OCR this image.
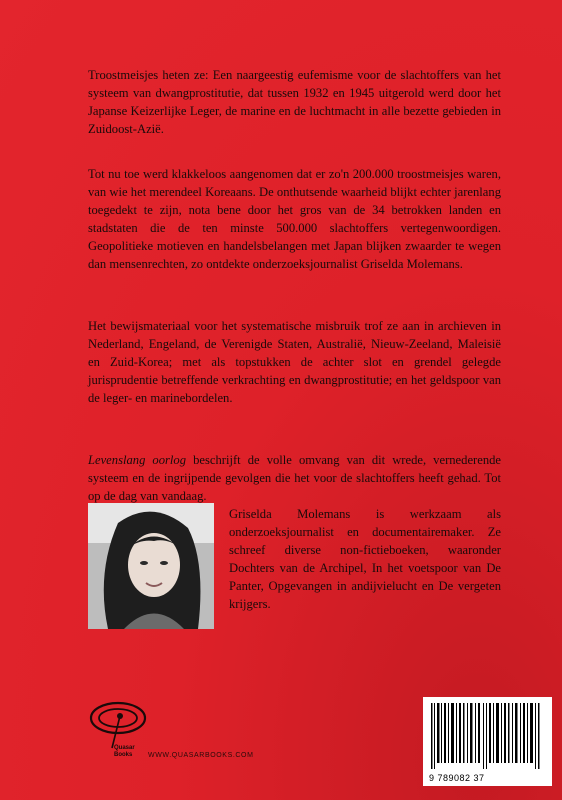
Troostmeisjes heten ze: Een naargeestig eufemisme voor de slachtoffers van het systeem van dwangprostitutie, dat tussen 1932 en 1945 uitgerold werd door het Japanse Keizerlijke Leger, de marine en de luchtmacht in alle bezette gebieden in Zuidoost-Azië.

Tot nu toe werd klakkeloos aangenomen dat er zo'n 200.000 troostmeisjes waren, van wie het merendeel Koreaans. De onthutsende waarheid blijkt echter jarenlang toegedekt te zijn, nota bene door het gros van de 34 betrokken landen en stadstaten die de ten minste 500.000 slachtoffers vertegenwoordigen. Geopolitieke motieven en handelsbelangen met Japan blijken zwaarder te wegen dan mensenrechten, zo ontdekte onderzoeksjournalist Griselda Molemans.

Het bewijsmateriaal voor het systematische misbruik trof ze aan in archieven in Nederland, Engeland, de Verenigde Staten, Australië, Nieuw-Zeeland, Maleisië en Zuid-Korea; met als topstukken de achter slot en grendel gelegde jurisprudentie betreffende verkrachting en dwangprostitutie; en het geldspoor van de leger- en marinebordelen.

Levenslang oorlog beschrijft de volle omvang van dit wrede, vernederende systeem en de ingrijpende gevolgen die het voor de slachtoffers heeft gehad. Tot op de dag van vandaag.

Griselda Molemans is werkzaam als onderzoeksjournalist en documentairemaker. Ze schreef diverse non-fictieboeken, waaronder Dochters van de Archipel, In het voetspoor van De Panter, Opgevangen in andijvielucht en De vergeten krijgers.

Quasar
Books WWW.QUASARBOOKS.COM
9 789082 37
